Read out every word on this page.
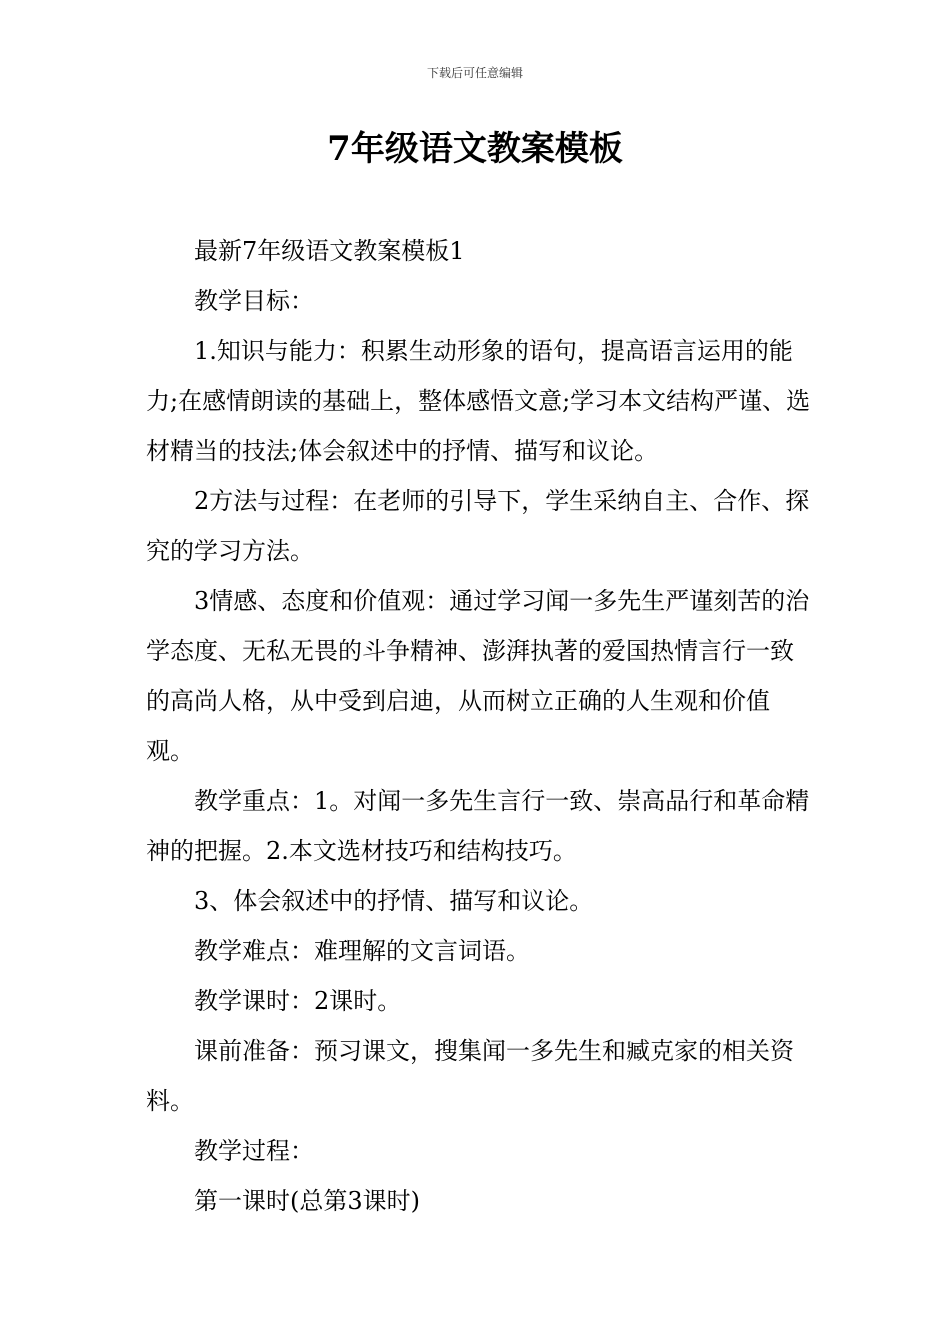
下载后可任意编辑
7年级语文教案模板

最新7年级语文教案模板1

教学目标：

1.知识与能力：积累生动形象的语句，提高语言运用的能力;在感情朗读的基础上，整体感悟文意;学习本文结构严谨、选材精当的技法;体会叙述中的抒情、描写和议论。

2方法与过程：在老师的引导下，学生采纳自主、合作、探究的学习方法。

3情感、态度和价值观：通过学习闻一多先生严谨刻苦的治学态度、无私无畏的斗争精神、澎湃执著的爱国热情言行一致的高尚人格，从中受到启迪，从而树立正确的人生观和价值观。

教学重点：1。对闻一多先生言行一致、崇高品行和革命精神的把握。2.本文选材技巧和结构技巧。

3、体会叙述中的抒情、描写和议论。

教学难点：难理解的文言词语。

教学课时：2课时。

课前准备：预习课文，搜集闻一多先生和臧克家的相关资料。

教学过程：

第一课时(总第3课时)
